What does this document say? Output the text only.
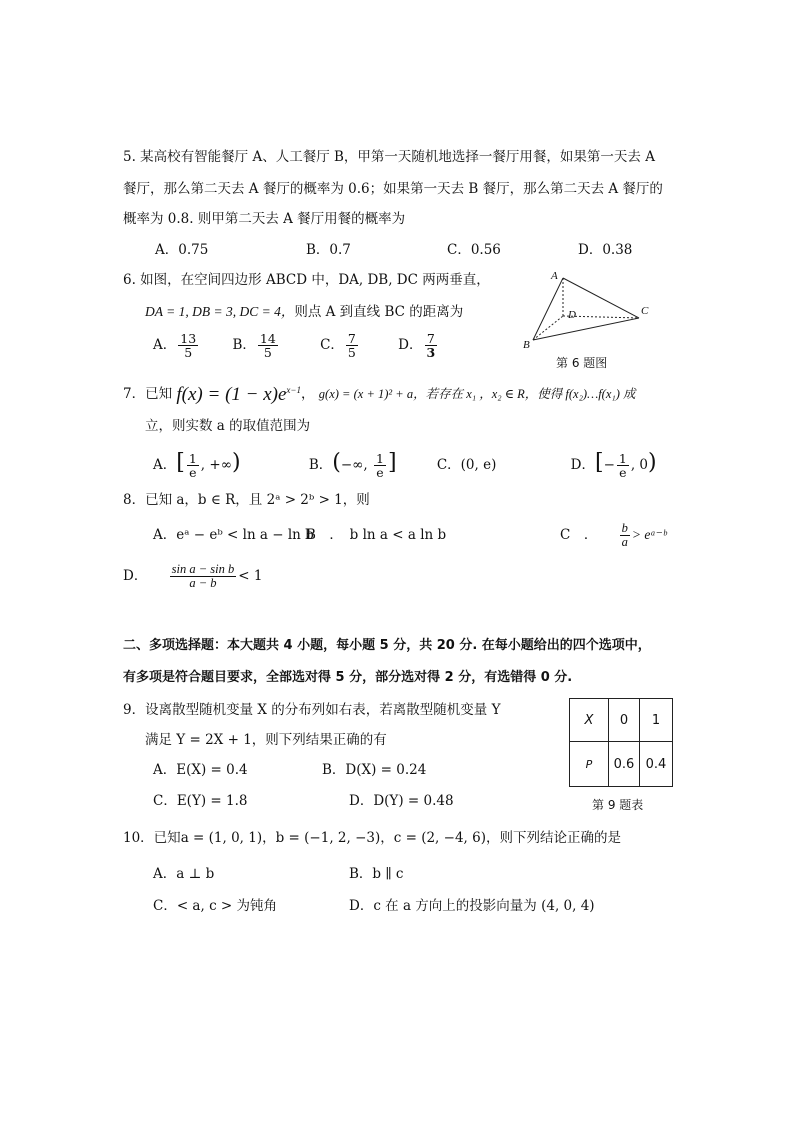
5. 某高校有智能餐厅 A、人工餐厅 B，甲第一天随机地选择一餐厅用餐，如果第一天去 A
餐厅，那么第二天去 A 餐厅的概率为 0.6；如果第一天去 B 餐厅，那么第二天去 A 餐厅的
概率为 0.8. 则甲第二天去 A 餐厅用餐的概率为
A．0.75	B．0.7	C．0.56	D．0.38
6. 如图，在空间四边形 ABCD 中，DA, DB, DC 两两垂直，
DA = 1, DB = 3, DC = 4，则点 A 到直线 BC 的距离为
A． $\frac{13}{5}$	B． $\frac{14}{5}$	C． $\frac{7}{5}$	D． $\frac{7}{3}$
A
B
C
D
第 6 题图
7．已知 $f(x) = (1 - x)e^{x-1}$， g(x) = (x + 1)² + a，若存在 x₁ ，x₂ ∈ R，使得 f(x₂)…f(x₁) 成
立，则实数 a 的取值范围为
A．[ $\frac{1}{e}$ , +∞)	B．(−∞, $\frac{1}{e}$ ]	C．(0, e)	D．[− $\frac{1}{e}$ , 0)
8．已知 a，b ∈ R，且 2ᵃ > 2ᵇ > 1，则
A．eᵃ − eᵇ < ln a − ln b
B　．　b ln a < a ln b	C　． $\frac{b}{a}$ > eᵃ⁻ᵇ
D． $\frac{\text{sin a − sin b}}{a - b} < 1$
二、多项选择题：本大题共 4 小题，每小题 5 分，共 20 分. 在每小题给出的四个选项中，
有多项是符合题目要求，全部选对得 5 分，部分选对得 2 分，有选错得 0 分.
9．设离散型随机变量 X 的分布列如右表，若离散型随机变量 Y
满足 Y = 2X + 1，则下列结果正确的有
A．E(X) = 0.4	B．D(X) = 0.24
C．E(Y) = 1.8	D．D(Y) = 0.48
X	0	1
P	0.6	0.4
第 9 题表
10．已知a = (1, 0, 1)，b = (−1, 2, −3)，c = (2, −4, 6)，则下列结论正确的是
A．a ⊥ b	B．b ∥ c
C．< a, c > 为钝角	D．c 在 a 方向上的投影向量为 (4, 0, 4)
